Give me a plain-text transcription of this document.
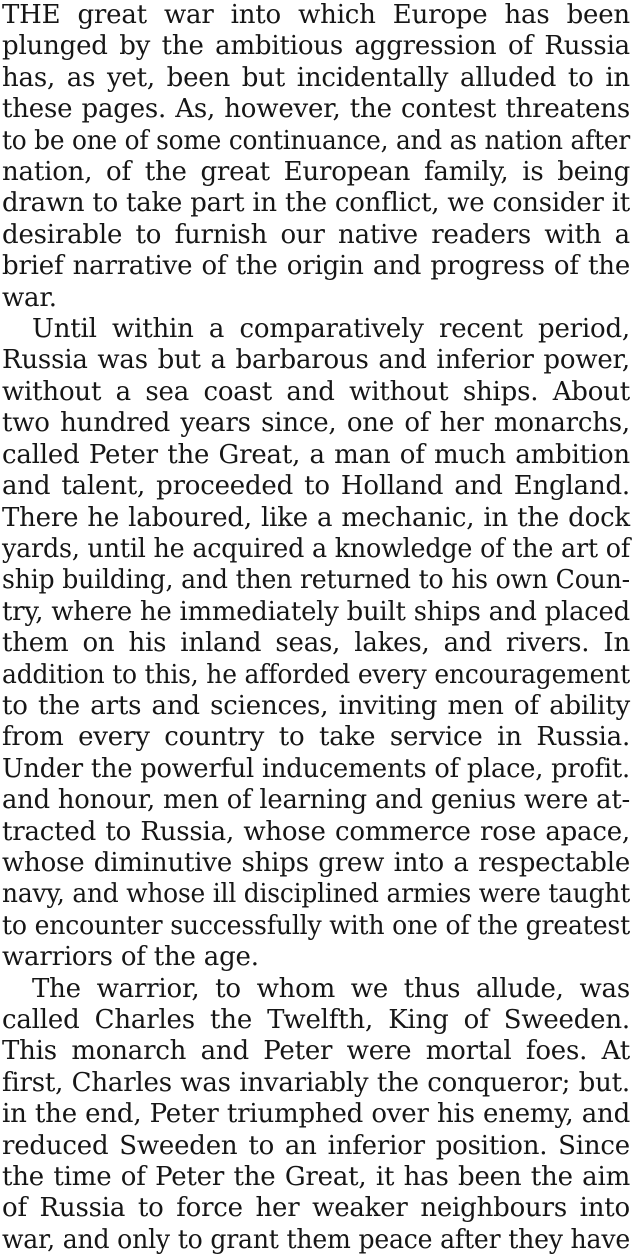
THE great war into which Europe has been
plunged by the ambitious aggression of Russia
has, as yet, been but incidentally alluded to in
these pages. As, however, the contest threatens
to be one of some continuance, and as nation after
nation, of the great European family, is being
drawn to take part in the conflict, we consider it
desirable to furnish our native readers with a
brief narrative of the origin and progress of the
war.
Until within a comparatively recent period,
Russia was but a barbarous and inferior power,
without a sea coast and without ships. About
two hundred years since, one of her monarchs,
called Peter the Great, a man of much ambition
and talent, proceeded to Holland and England.
There he laboured, like a mechanic, in the dock
yards, until he acquired a knowledge of the art of
ship building, and then returned to his own Coun-
try, where he immediately built ships and placed
them on his inland seas, lakes, and rivers. In
addition to this, he afforded every encouragement
to the arts and sciences, inviting men of ability
from every country to take service in Russia.
Under the powerful inducements of place, profit.
and honour, men of learning and genius were at-
tracted to Russia, whose commerce rose apace,
whose diminutive ships grew into a respectable
navy, and whose ill disciplined armies were taught
to encounter successfully with one of the greatest
warriors of the age.
The warrior, to whom we thus allude, was
called Charles the Twelfth, King of Sweeden.
This monarch and Peter were mortal foes. At
first, Charles was invariably the conqueror; but.
in the end, Peter triumphed over his enemy, and
reduced Sweeden to an inferior position. Since
the time of Peter the Great, it has been the aim
of Russia to force her weaker neighbours into
war, and only to grant them peace after they have
